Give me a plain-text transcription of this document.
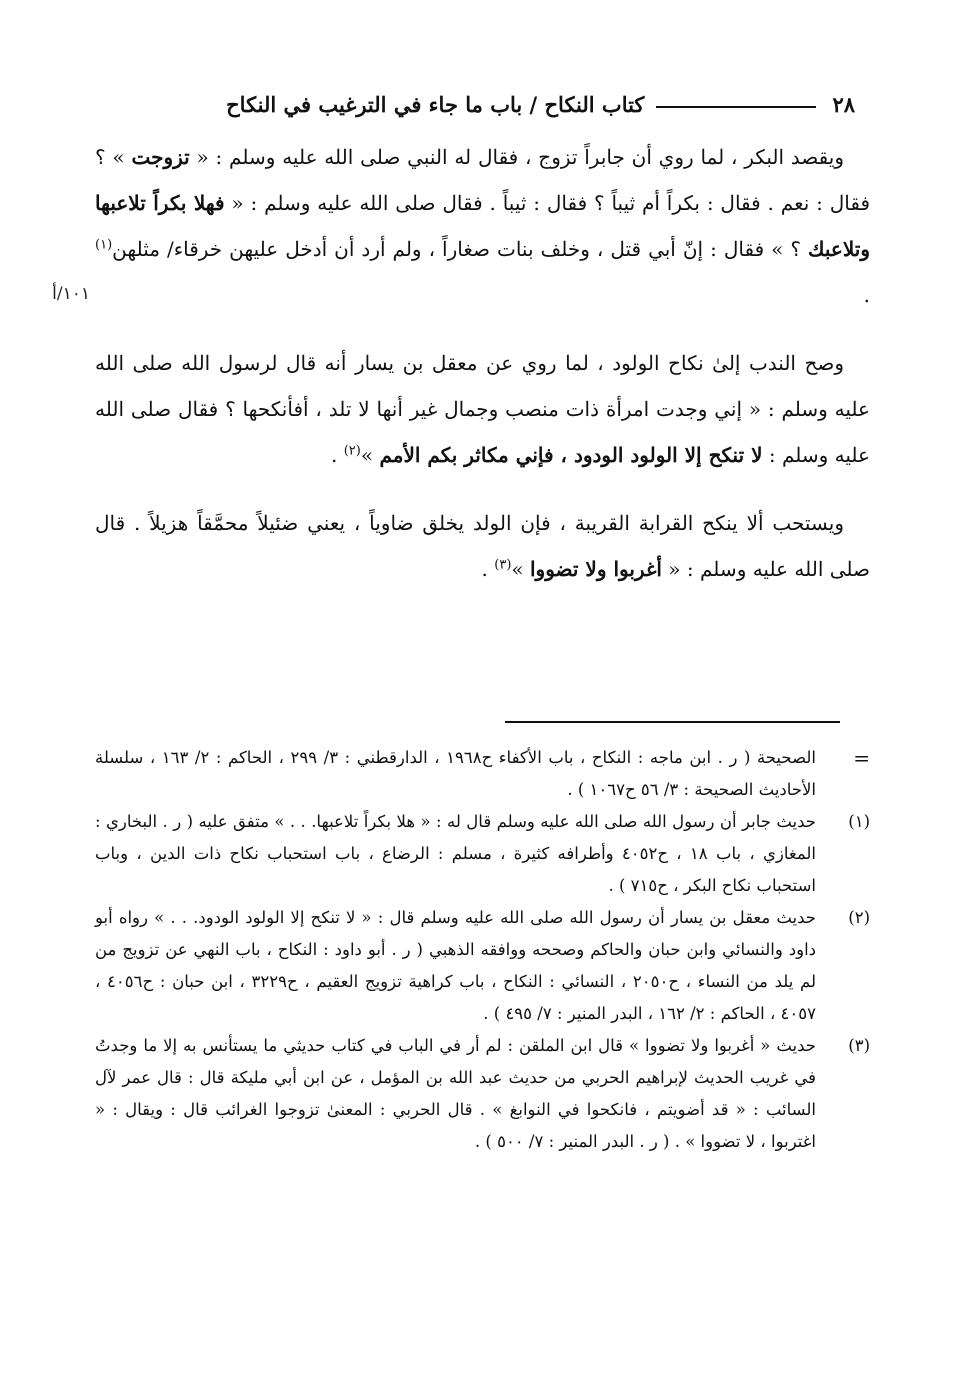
٢٨
كتاب النكاح / باب ما جاء في الترغيب في النكاح
١٠١/أ

ويقصد البكر ، لما روي أن جابراً تزوج ، فقال له النبي صلى الله عليه وسلم : « تزوجت » ؟ فقال : نعم . فقال : بكراً أم ثيباً ؟ فقال : ثيباً . فقال صلى الله عليه وسلم : « فهلا بكراً تلاعبها وتلاعبك ؟ » فقال : إنّ أبي قتل ، وخلف بنات صغاراً ، ولم أرد أن أدخل عليهن خرقاء/ مثلهن$^{(١)}$ .

وصح الندب إلىٰ نكاح الولود ، لما روي عن معقل بن يسار أنه قال لرسول الله صلى الله عليه وسلم : « إني وجدت امرأة ذات منصب وجمال غير أنها لا تلد ، أفأنكحها ؟ فقال صلى الله عليه وسلم : لا تنكح إلا الولود الودود ، فإني مكاثر بكم الأمم »$^{(٢)}$ .

ويستحب ألا ينكح القرابة القريبة ، فإن الولد يخلق ضاوياً ، يعني ضئيلاً محمَّقاً هزيلاً . قال صلى الله عليه وسلم : « أغربوا ولا تضووا »$^{(٣)}$ .

=
الصحيحة ( ر . ابن ماجه : النكاح ، باب الأكفاء ح١٩٦٨ ، الدارقطني : ٣/ ٢٩٩ ، الحاكم : ٢/ ١٦٣ ، سلسلة الأحاديث الصحيحة : ٣/ ٥٦ ح١٠٦٧ ) .
(١)
حديث جابر أن رسول الله صلى الله عليه وسلم قال له : « هلا بكراً تلاعبها. . . » متفق عليه ( ر . البخاري : المغازي ، باب ١٨ ، ح٤٠٥٢ وأطرافه كثيرة ، مسلم : الرضاع ، باب استحباب نكاح ذات الدين ، وباب استحباب نكاح البكر ، ح٧١٥ ) .
(٢)
حديث معقل بن يسار أن رسول الله صلى الله عليه وسلم قال : « لا تنكح إلا الولود الودود. . . » رواه أبو داود والنسائي وابن حبان والحاكم وصححه ووافقه الذهبي ( ر . أبو داود : النكاح ، باب النهي عن تزويج من لم يلد من النساء ، ح٢٠٥٠ ، النسائي : النكاح ، باب كراهية تزويج العقيم ، ح٣٢٢٩ ، ابن حبان : ح٤٠٥٦ ، ٤٠٥٧ ، الحاكم : ٢/ ١٦٢ ، البدر المنير : ٧/ ٤٩٥ ) .
(٣)
حديث « أغربوا ولا تضووا » قال ابن الملقن : لم أر في الباب في كتاب حديثي ما يستأنس به إلا ما وجدتُ في غريب الحديث لإبراهيم الحربي من حديث عبد الله بن المؤمل ، عن ابن أبي مليكة قال : قال عمر لآل السائب : « قد أضويتم ، فانكحوا في النوابغ » . قال الحربي : المعنىٰ تزوجوا الغرائب قال : ويقال : « اغتربوا ، لا تضووا » . ( ر . البدر المنير : ٧/ ٥٠٠ ) .
